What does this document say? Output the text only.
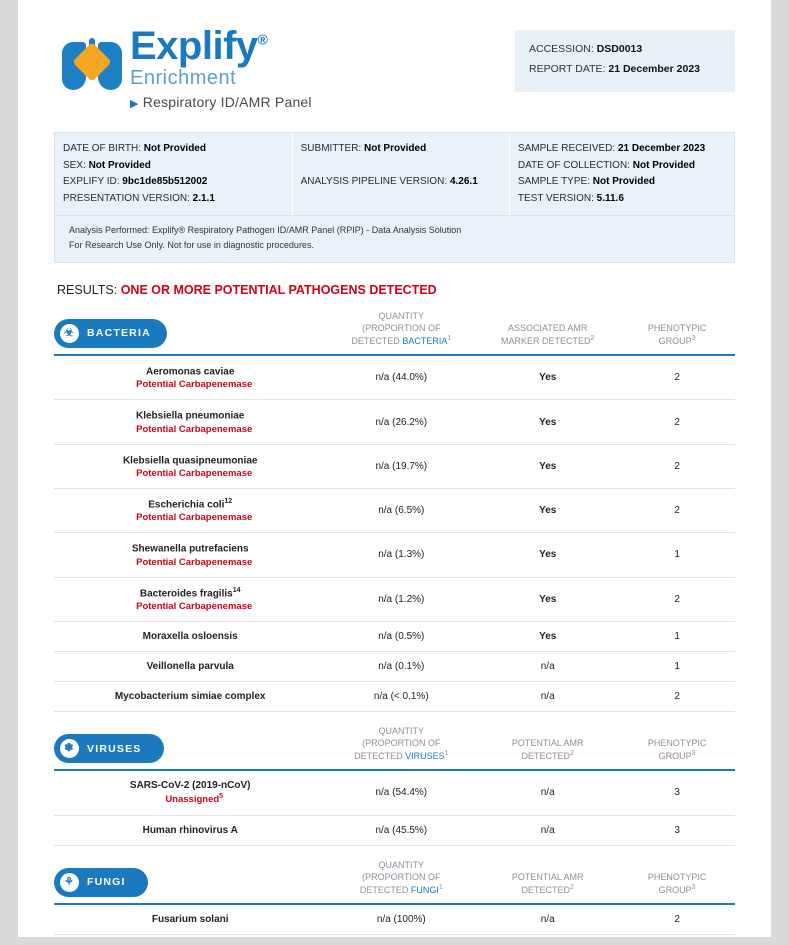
Explify®
Enrichment
▶ Respiratory ID/AMR Panel
ACCESSION: DSD0013
REPORT DATE: 21 December 2023
DATE OF BIRTH: Not Provided
SEX: Not Provided
EXPLIFY ID: 9bc1de85b512002
PRESENTATION VERSION: 2.1.1
SUBMITTER: Not Provided

ANALYSIS PIPELINE VERSION: 4.26.1
SAMPLE RECEIVED: 21 December 2023
DATE OF COLLECTION: Not Provided
SAMPLE TYPE: Not Provided
TEST VERSION: 5.11.6
Analysis Performed: Explify® Respiratory Pathogen ID/AMR Panel (RPIP) - Data Analysis Solution
For Research Use Only. Not for use in diagnostic procedures.
RESULTS: ONE OR MORE POTENTIAL PATHOGENS DETECTED
☣	BACTERIA

QUANTITY
(PROPORTION OF
DETECTED BACTERIA$^1$

ASSOCIATED AMR
MARKER DETECTED$^2$

PHENOTYPIC
GROUP$^3$

Aeromonas caviae
Potential Carbapenemase	n/a (44.0%)	Yes	2
Klebsiella pneumoniae
Potential Carbapenemase	n/a (26.2%)	Yes	2
Klebsiella quasipneumoniae
Potential Carbapenemase	n/a (19.7%)	Yes	2
Escherichia coli$^{12}$
Potential Carbapenemase	n/a (6.5%)	Yes	2
Shewanella putrefaciens
Potential Carbapenemase	n/a (1.3%)	Yes	1
Bacteroides fragilis$^{14}$
Potential Carbapenemase	n/a (1.2%)	Yes	2
Moraxella osloensis	n/a (0.5%)	Yes	1
Veillonella parvula	n/a (0.1%)	n/a	1
Mycobacterium simiae complex	n/a (< 0.1%)	n/a	2
❃	VIRUSES

QUANTITY
(PROPORTION OF
DETECTED VIRUSES$^1$

POTENTIAL AMR
DETECTED$^2$

PHENOTYPIC
GROUP$^3$

SARS-CoV-2 (2019-nCoV)
Unassigned$^5$	n/a (54.4%)	n/a	3
Human rhinovirus A	n/a (45.5%)	n/a	3
⚘	FUNGI

QUANTITY
(PROPORTION OF
DETECTED FUNGI$^1$

POTENTIAL AMR
DETECTED$^2$

PHENOTYPIC
GROUP$^3$

Fusarium solani	n/a (100%)	n/a	2
